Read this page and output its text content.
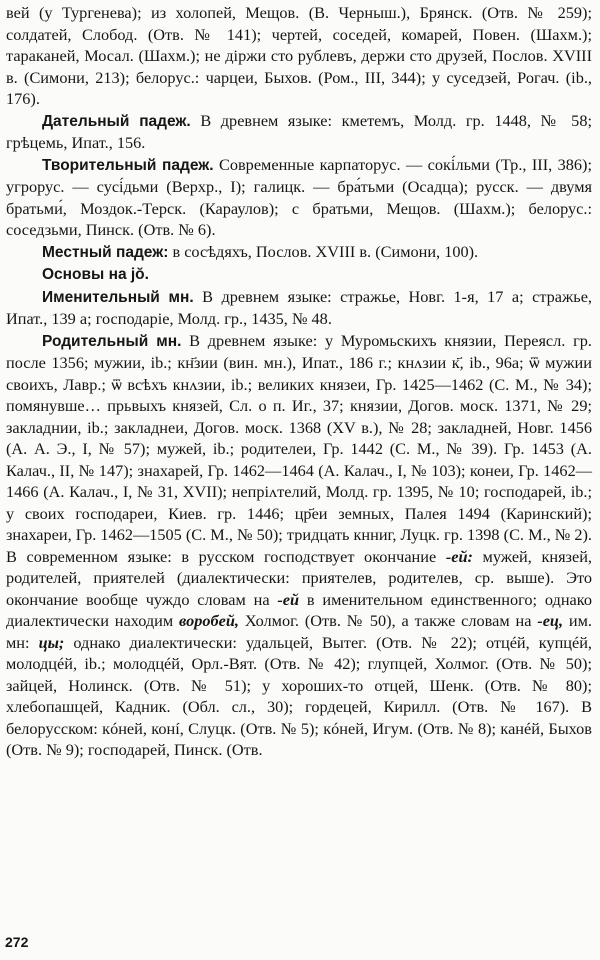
вей (у Тургенева); из холопей, Мещов. (В. Черныш.), Брянск. (Отв. № 259); солдатей, Слобод. (Отв. № 141); чертей, соседей, комарей, Повен. (Шахм.); тараканей, Мосал. (Шахм.); не діржи сто рублевъ, держи сто друзей, Послов. XVIII в. (Симони, 213); белорус.: чарцеи, Быхов. (Ром., III, 344); у суседзей, Рогач. (ib., 176).

Дательный падеж. В древнем языке: кметемъ, Молд. гр. 1448, № 58; грѣцемь, Ипат., 156.

Творительный падеж. Современные карпаторус. — сокі́льми (Тр., III, 386); угрорус. — сусі́дьми (Верхр., I); галицк. — бра́тьми (Осадца); русск. — двумя братьми́, Моздок.-Терск. (Караулов); с братьми, Мещов. (Шахм.); белорус.: соседзьми, Пинск. (Отв. № 6).

Местный падеж: в сосѣдяхъ, Послов. XVIII в. (Симони, 100).

Основы на jŏ.

Именительный мн. В древнем языке: стражье, Новг. 1-я, 17 а; стражье, Ипат., 139 а; господаріе, Молд. гр., 1435, № 48.

Родительный мн. В древнем языке: у Муромьскихъ князии, Переясл. гр. после 1356; мужии, ib.; кн҃зии (вин. мн.), Ипат., 186 г.; кнᴧзии к҃, ib., 96а; ѿ мужии своихъ, Лавр.; ѿ всѣхъ кнᴧзии, ib.; великих князеи, Гр. 1425—1462 (С. М., № 34); помянувше… прьвыхъ князей, Сл. о п. Иг., 37; князии, Догов. моск. 1371, № 29; закладнии, ib.; закладнеи, Догов. моск. 1368 (XV в.), № 28; закладней, Новг. 1456 (А. А. Э., I, № 57); мужей, ib.; родителеи, Гр. 1442 (С. М., № 39). Гр. 1453 (А. Калач., II, № 147); знахарей, Гр. 1462—1464 (А. Калач., I, № 103); конеи, Гр. 1462—1466 (А. Калач., I, № 31, XVII); непріᴧтелий, Молд. гр. 1395, № 10; господарей, ib.; у своих господареи, Киев. гр. 1446; цр҃еи земных, Палея 1494 (Каринский); знахареи, Гр. 1462—1505 (С. М., № 50); тридцать кнниг, Луцк. гр. 1398 (С. М., № 2). В современном языке: в русском господствует окончание -ей: мужей, князей, родителей, приятелей (диалектически: приятелев, родителев, ср. выше). Это окончание вообще чуждо словам на -ей в именительном единственного; однако диалектически находим воробей, Холмог. (Отв. № 50), а также словам на -ец, им. мн: цы; однако диалектически: удальцей, Вытег. (Отв. № 22); отцéй, купцéй, молодцéй, ib.; молодцéй, Орл.-Вят. (Отв. № 42); глупцей, Холмог. (Отв. № 50); зайцей, Нолинск. (Отв. № 51); у хороших-то отцей, Шенк. (Отв. № 80); хлебопашцей, Кадник. (Обл. сл., 30); гордецей, Кирилл. (Отв. № 167). В белорусском: кóней, конí, Слуцк. (Отв. № 5); кóней, Игум. (Отв. № 8); канéй, Быхов (Отв. № 9); господарей, Пинск. (Отв.

272
